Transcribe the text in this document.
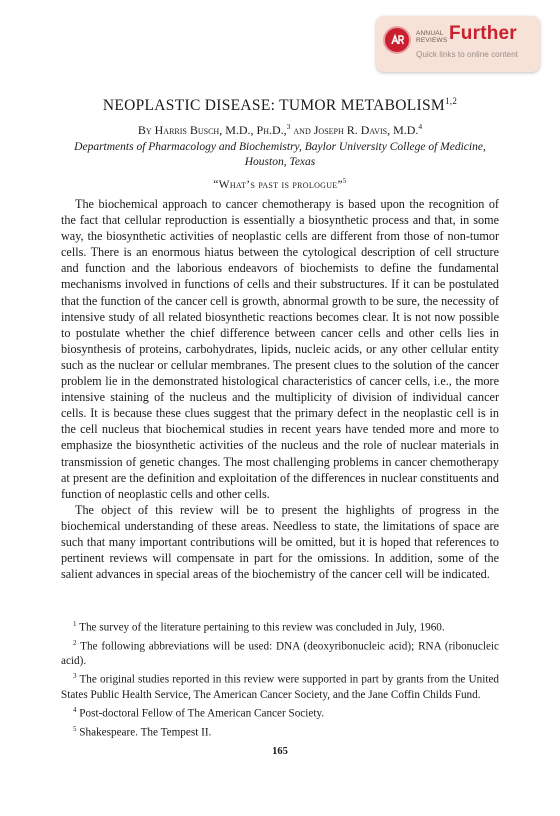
ANNUAL
REVIEWS Further
Quick links to online content
NEOPLASTIC DISEASE: TUMOR METABOLISM$^{1,2}$
By Harris Busch, M.D., Ph.D.,$^3$ and Joseph R. Davis, M.D.$^4$
Departments of Pharmacology and Biochemistry, Baylor University College of Medicine, Houston, Texas
“What’s past is prologue”$^5$

The biochemical approach to cancer chemotherapy is based upon the recognition of the fact that cellular reproduction is essentially a biosynthetic process and that, in some way, the biosynthetic activities of neoplastic cells are different from those of non-tumor cells. There is an enormous hiatus between the cytological description of cell structure and function and the laborious endeavors of biochemists to define the fundamental mechanisms involved in functions of cells and their substructures. If it can be postulated that the function of the cancer cell is growth, abnormal growth to be sure, the necessity of intensive study of all related biosynthetic reactions becomes clear. It is not now possible to postulate whether the chief difference between cancer cells and other cells lies in biosynthesis of proteins, carbohydrates, lipids, nucleic acids, or any other cellular entity such as the nuclear or cellular membranes. The present clues to the solution of the cancer problem lie in the demonstrated histological characteristics of cancer cells, i.e., the more intensive staining of the nucleus and the multiplicity of division of individual cancer cells. It is because these clues suggest that the primary defect in the neoplastic cell is in the cell nucleus that biochemical studies in recent years have tended more and more to emphasize the biosynthetic activities of the nucleus and the role of nuclear materials in transmission of genetic changes. The most challenging problems in cancer chemotherapy at present are the definition and exploitation of the differences in nuclear constituents and function of neoplastic cells and other cells.

The object of this review will be to present the highlights of progress in the biochemical understanding of these areas. Needless to state, the limitations of space are such that many important contributions will be omitted, but it is hoped that references to pertinent reviews will compensate in part for the omissions. In addition, some of the salient advances in special areas of the biochemistry of the cancer cell will be indicated.

$^1$ The survey of the literature pertaining to this review was concluded in July, 1960.

$^2$ The following abbreviations will be used: DNA (deoxyribonucleic acid); RNA (ribonucleic acid).

$^3$ The original studies reported in this review were supported in part by grants from the United States Public Health Service, The American Cancer Society, and the Jane Coffin Childs Fund.

$^4$ Post-doctoral Fellow of The American Cancer Society.

$^5$ Shakespeare. The Tempest II.

165
